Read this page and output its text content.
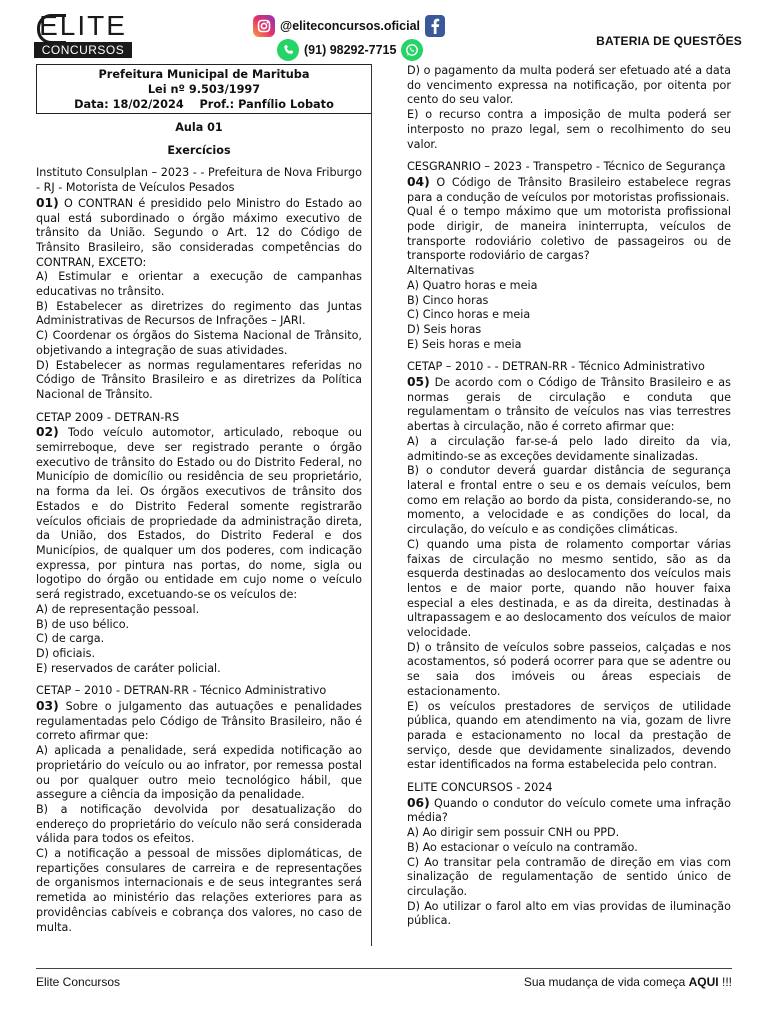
ELITE
CONCURSOS
@eliteconcursos.oficial
(91) 98292-7715
BATERIA DE QUESTÕES
Prefeitura Municipal de Marituba
Lei nº 9.503/1997
Data: 18/02/2024    Prof.: Panfílio Lobato
Aula 01
Exercícios
Instituto Consulplan – 2023 - - Prefeitura de Nova Friburgo - RJ - Motorista de Veículos Pesados
01) O CONTRAN é presidido pelo Ministro do Estado ao qual está subordinado o órgão máximo executivo de trânsito da União. Segundo o Art. 12 do Código de Trânsito Brasileiro, são consideradas competências do CONTRAN, EXCETO:
A) Estimular e orientar a execução de campanhas educativas no trânsito.
B) Estabelecer as diretrizes do regimento das Juntas Administrativas de Recursos de Infrações – JARI.
C) Coordenar os órgãos do Sistema Nacional de Trânsito, objetivando a integração de suas atividades.
D) Estabelecer as normas regulamentares referidas no Código de Trânsito Brasileiro e as diretrizes da Política Nacional de Trânsito.
CETAP 2009 - DETRAN-RS
02) Todo veículo automotor, articulado, reboque ou semirreboque, deve ser registrado perante o órgão executivo de trânsito do Estado ou do Distrito Federal, no Município de domicílio ou residência de seu proprietário, na forma da lei. Os órgãos executivos de trânsito dos Estados e do Distrito Federal somente registrarão veículos oficiais de propriedade da administração direta, da União, dos Estados, do Distrito Federal e dos Municípios, de qualquer um dos poderes, com indicação expressa, por pintura nas portas, do nome, sigla ou logotipo do órgão ou entidade em cujo nome o veículo será registrado, excetuando-se os veículos de:
A) de representação pessoal.
B) de uso bélico.
C) de carga.
D) oficiais.
E) reservados de caráter policial.
CETAP – 2010 - DETRAN-RR - Técnico Administrativo
03) Sobre o julgamento das autuações e penalidades regulamentadas pelo Código de Trânsito Brasileiro, não é correto afirmar que:
A) aplicada a penalidade, será expedida notificação ao proprietário do veículo ou ao infrator, por remessa postal ou por qualquer outro meio tecnológico hábil, que assegure a ciência da imposição da penalidade.
B) a notificação devolvida por desatualização do endereço do proprietário do veículo não será considerada válida para todos os efeitos.
C) a notificação a pessoal de missões diplomáticas, de repartições consulares de carreira e de representações de organismos internacionais e de seus integrantes será remetida ao ministério das relações exteriores para as providências cabíveis e cobrança dos valores, no caso de multa.
D) o pagamento da multa poderá ser efetuado até a data do vencimento expressa na notificação, por oitenta por cento do seu valor.
E) o recurso contra a imposição de multa poderá ser interposto no prazo legal, sem o recolhimento do seu valor.
CESGRANRIO – 2023 - Transpetro - Técnico de Segurança
04) O Código de Trânsito Brasileiro estabelece regras para a condução de veículos por motoristas profissionais.
Qual é o tempo máximo que um motorista profissional pode dirigir, de maneira ininterrupta, veículos de transporte rodoviário coletivo de passageiros ou de transporte rodoviário de cargas?
Alternativas
A) Quatro horas e meia
B) Cinco horas
C) Cinco horas e meia
D) Seis horas
E) Seis horas e meia
CETAP – 2010 - - DETRAN-RR - Técnico Administrativo
05) De acordo com o Código de Trânsito Brasileiro e as normas gerais de circulação e conduta que regulamentam o trânsito de veículos nas vias terrestres abertas à circulação, não é correto afirmar que:
A) a circulação far-se-á pelo lado direito da via, admitindo-se as exceções devidamente sinalizadas.
B) o condutor deverá guardar distância de segurança lateral e frontal entre o seu e os demais veículos, bem como em relação ao bordo da pista, considerando-se, no momento, a velocidade e as condições do local, da circulação, do veículo e as condições climáticas.
C) quando uma pista de rolamento comportar várias faixas de circulação no mesmo sentido, são as da esquerda destinadas ao deslocamento dos veículos mais lentos e de maior porte, quando não houver faixa especial a eles destinada, e as da direita, destinadas à ultrapassagem e ao deslocamento dos veículos de maior velocidade.
D) o trânsito de veículos sobre passeios, calçadas e nos acostamentos, só poderá ocorrer para que se adentre ou se saia dos imóveis ou áreas especiais de estacionamento.
E) os veículos prestadores de serviços de utilidade pública, quando em atendimento na via, gozam de livre parada e estacionamento no local da prestação de serviço, desde que devidamente sinalizados, devendo estar identificados na forma estabelecida pelo contran.
ELITE CONCURSOS - 2024
06) Quando o condutor do veículo comete uma infração média?
A) Ao dirigir sem possuir CNH ou PPD.
B) Ao estacionar o veículo na contramão.
C) Ao transitar pela contramão de direção em vias com sinalização de regulamentação de sentido único de circulação.
D) Ao utilizar o farol alto em vias providas de iluminação pública.
Elite Concursos	Sua mudança de vida começa AQUI !!!
